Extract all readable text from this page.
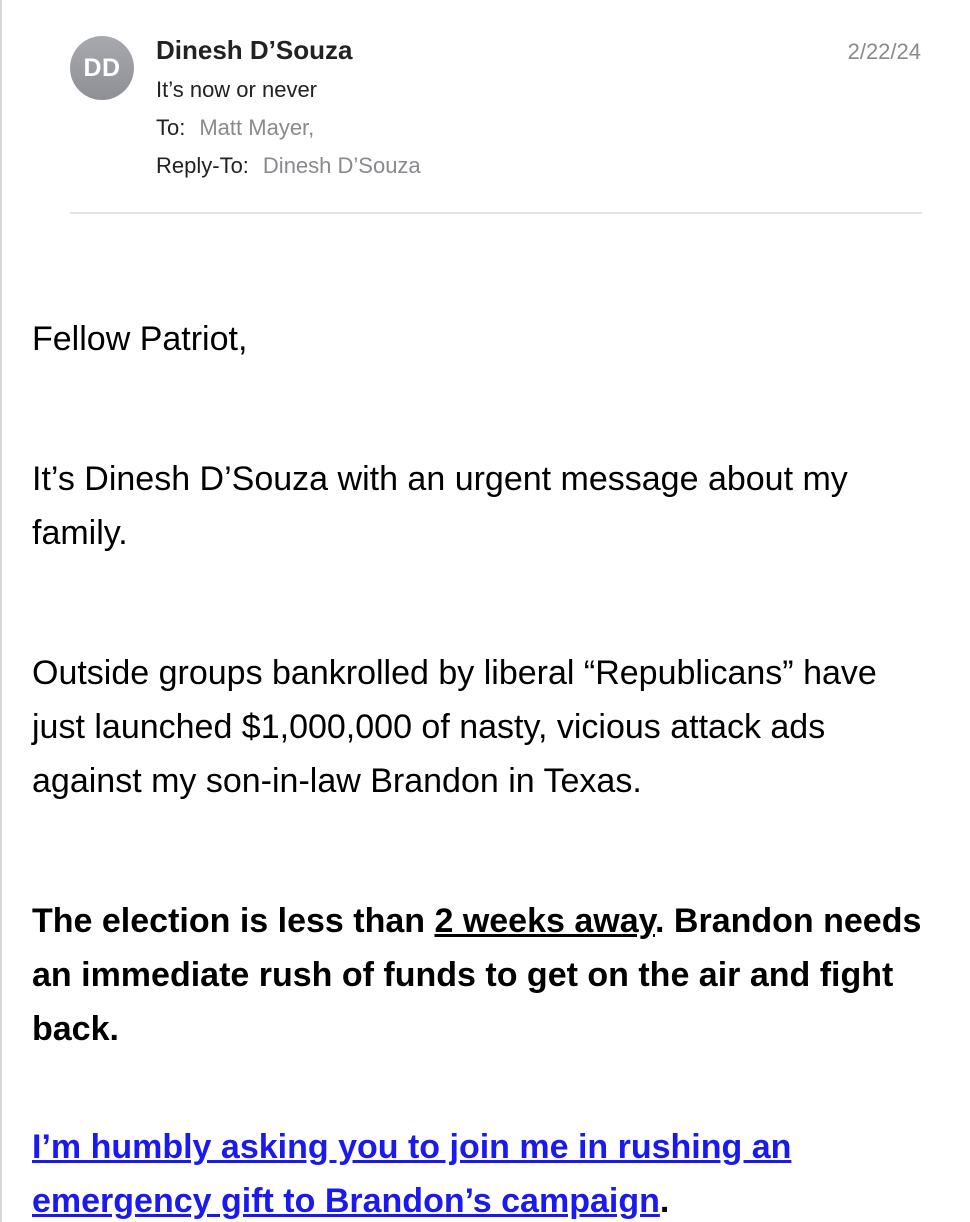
DD
Dinesh D’Souza	2/22/24
It’s now or never
To: Matt Mayer,
Reply-To: Dinesh D’Souza

Fellow Patriot,

It’s Dinesh D’Souza with an urgent message about my family.

Outside groups bankrolled by liberal “Republicans” have just launched $1,000,000 of nasty, vicious attack ads against my son-in-law Brandon in Texas.

The election is less than 2 weeks away. Brandon needs an immediate rush of funds to get on the air and fight back.

I’m humbly asking you to join me in rushing an emergency gift to Brandon’s campaign.
